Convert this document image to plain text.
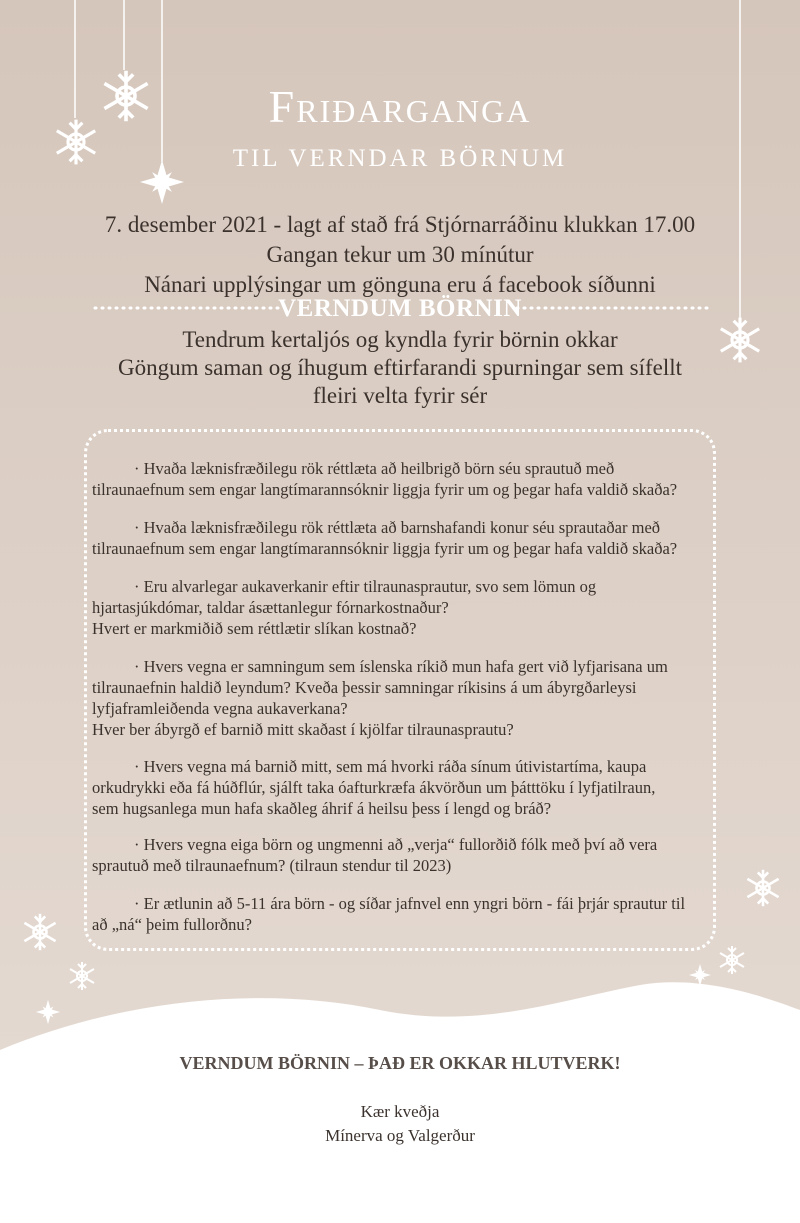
Friðarganga
TIL VERNDAR BÖRNUM
7. desember 2021 - lagt af stað frá Stjórnarráðinu klukkan 17.00
Gangan tekur um 30 mínútur
Nánari upplýsingar um gönguna eru á facebook síðunni
VERNDUM BÖRNIN
Tendrum kertaljós og kyndla fyrir börnin okkar
Göngum saman og íhugum eftirfarandi spurningar sem sífellt
fleiri velta fyrir sér

· Hvaða læknisfræðilegu rök réttlæta að heilbrigð börn séu sprautuð með

tilraunaefnum sem engar langtímarannsóknir liggja fyrir um og þegar hafa valdið skaða?

· Hvaða læknisfræðilegu rök réttlæta að barnshafandi konur séu sprautaðar með

tilraunaefnum sem engar langtímarannsóknir liggja fyrir um og þegar hafa valdið skaða?

· Eru alvarlegar aukaverkanir eftir tilraunasprautur, svo sem lömun og

hjartasjúkdómar, taldar ásættanlegur fórnarkostnaður?

Hvert er markmiðið sem réttlætir slíkan kostnað?

· Hvers vegna er samningum sem íslenska ríkið mun hafa gert við lyfjarisana um

tilraunaefnin haldið leyndum? Kveða þessir samningar ríkisins á um ábyrgðarleysi

lyfjaframleiðenda vegna aukaverkana?

Hver ber ábyrgð ef barnið mitt skaðast í kjölfar tilraunasprautu?

· Hvers vegna má barnið mitt, sem má hvorki ráða sínum útivistartíma, kaupa

orkudrykki eða fá húðflúr, sjálft taka óafturkræfa ákvörðun um þátttöku í lyfjatilraun,

sem hugsanlega mun hafa skaðleg áhrif á heilsu þess í lengd og bráð?

· Hvers vegna eiga börn og ungmenni að „verja“ fullorðið fólk með því að vera

sprautuð með tilraunaefnum? (tilraun stendur til 2023)

· Er ætlunin að 5-11 ára börn - og síðar jafnvel enn yngri börn - fái þrjár sprautur til

að „ná“ þeim fullorðnu?

VERNDUM BÖRNIN – ÞAÐ ER OKKAR HLUTVERK!
Kær kveðja
Mínerva og Valgerður
